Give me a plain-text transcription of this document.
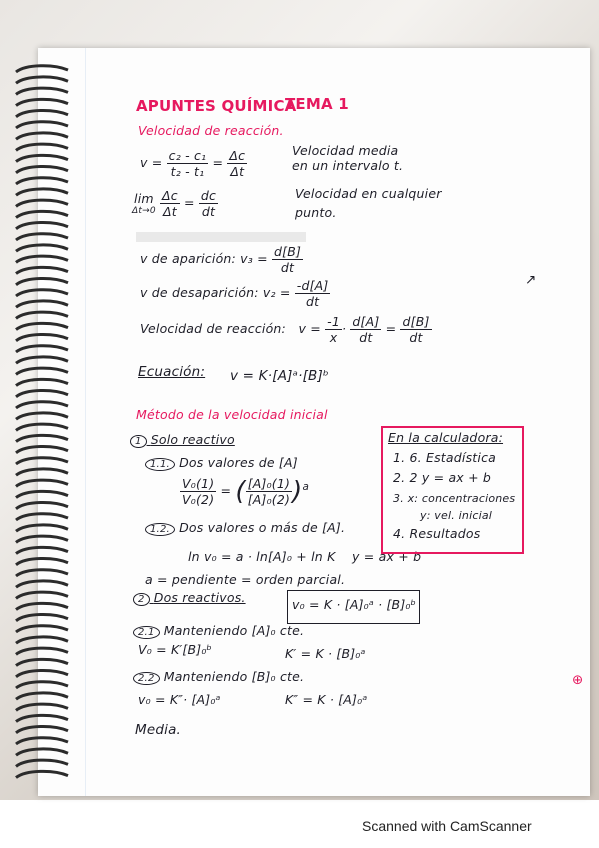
APUNTES QUÍMICA
TEMA 1
Velocidad de reacción.
$v = \frac{\text{c₂ - c₁}}{\text{t₂ - t₁}} = \frac{\Delta c}{\Delta t}$	Velocidad media
en un intervalo t.
lim
Δt→0
$\frac{\Delta c}{\Delta t} = \frac{dc}{dt}$	Velocidad en cualquier
punto.
v de aparición: $v_3 = \frac{d[B]}{dt}$
v de desaparición: $v_2 = \frac{-d[A]}{dt}$	↗
Velocidad de reacción: $v = \frac{-1}{x} \cdot \frac{d[A]}{dt} = \frac{d[B]}{dt}$
Ecuación: v = K·[A]ᵃ·[B]ᵇ
Método de la velocidad inicial
1 Solo reactivo
1.1. Dos valores de [A]
$\frac{\text{V₀(1)}}{\text{V₀(2)}}$ = ( $\frac{\text{[A]₀(1)}}{\text{[A]₀(2)}} )^a$
1.2. Dos valores o más de [A].
ln v₀ = a · ln[A]₀ + ln K y = ax + b
a = pendiente = orden parcial.
2 Dos reactivos.	v₀ = K · [A]₀ᵃ · [B]₀ᵇ
2.1 Manteniendo [A]₀ cte.
V₀ = K′[B]₀ᵇ	K′ = K · [B]₀ᵃ
2.2 Manteniendo [B]₀ cte.
v₀ = K″· [A]₀ᵃ	K″ = K · [A]₀ᵃ
Media.
⊕
En la calculadora:
1. 6. Estadística
2. 2 y = ax + b
3. x: concentraciones
y: vel. inicial
4. Resultados
Scanned with CamScanner
